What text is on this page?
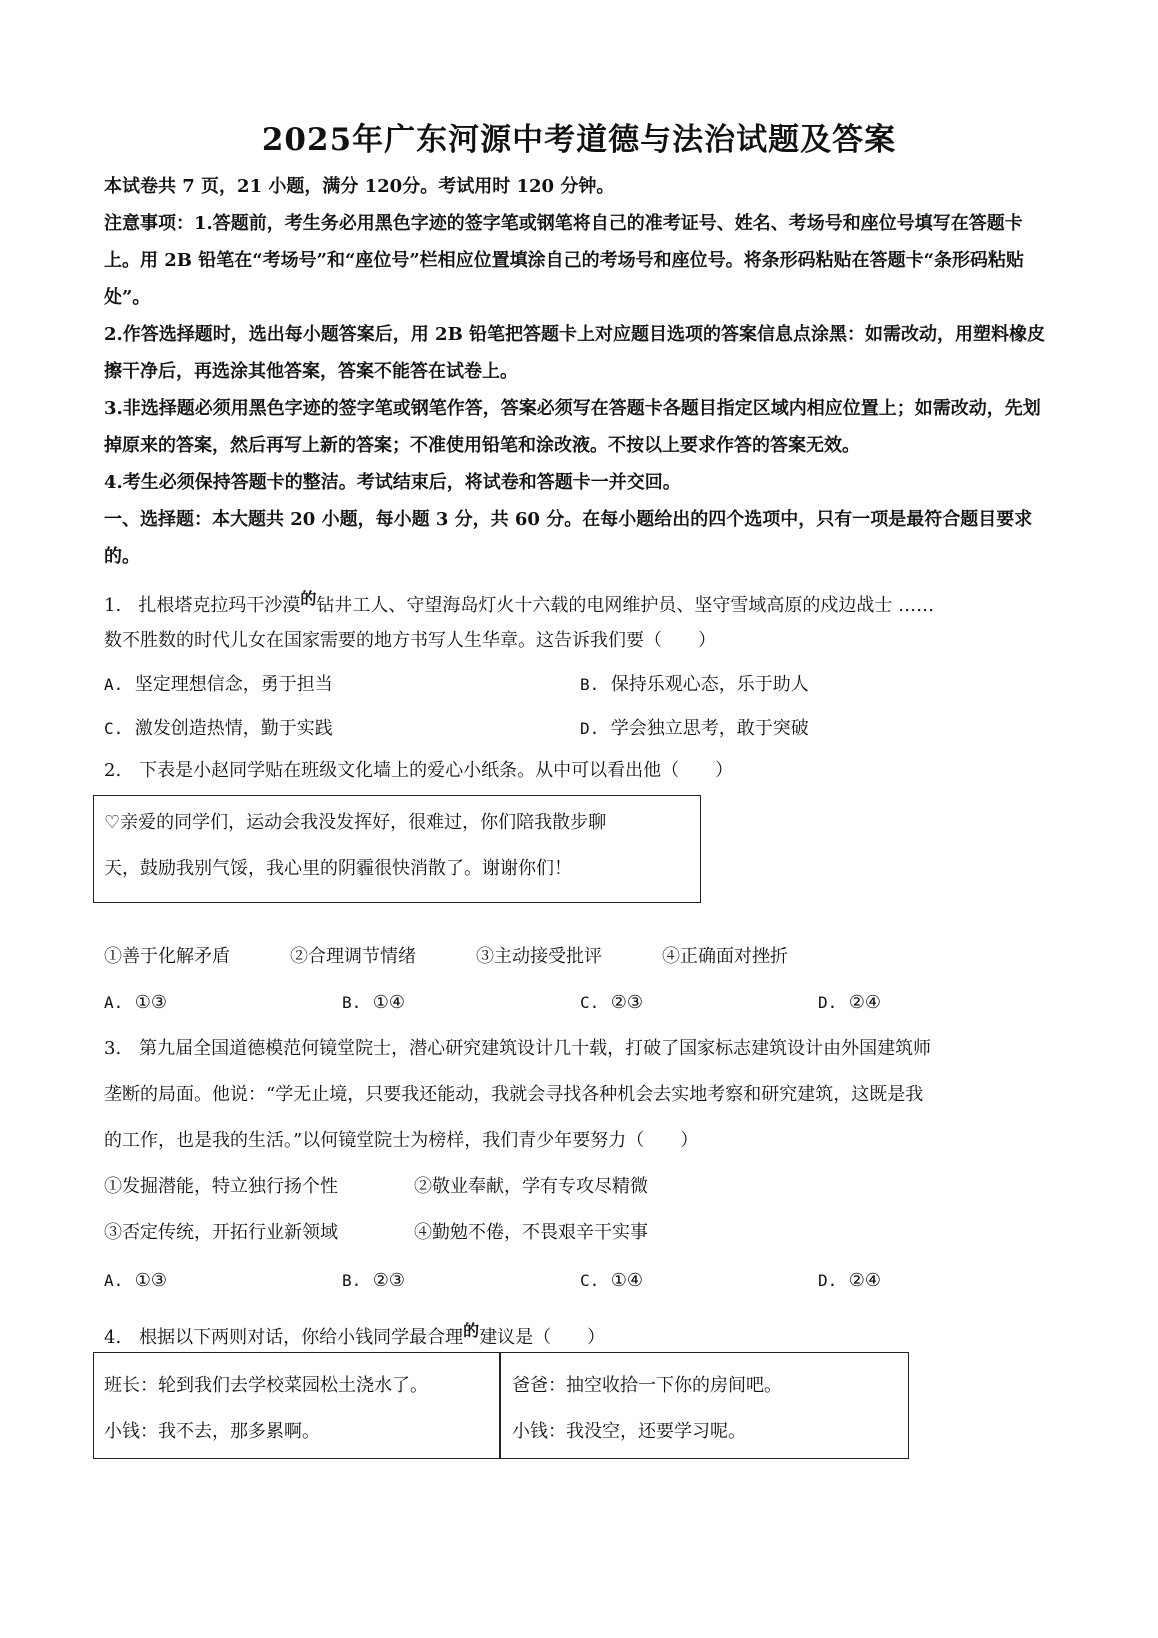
2025年广东河源中考道德与法治试题及答案

本试卷共 7 页，21 小题，满分 120分。考试用时 120 分钟。

注意事项：1.答题前，考生务必用黑色字迹的签字笔或钢笔将自己的准考证号、姓名、考场号和座位号填写在答题卡上。用 2B 铅笔在“考场号”和“座位号”栏相应位置填涂自己的考场号和座位号。将条形码粘贴在答题卡“条形码粘贴处”。

2.作答选择题时，选出每小题答案后，用 2B 铅笔把答题卡上对应题目选项的答案信息点涂黑：如需改动，用塑料橡皮擦干净后，再选涂其他答案，答案不能答在试卷上。

3.非选择题必须用黑色字迹的签字笔或钢笔作答，答案必须写在答题卡各题目指定区域内相应位置上；如需改动，先划掉原来的答案，然后再写上新的答案；不准使用铅笔和涂改液。不按以上要求作答的答案无效。

4.考生必须保持答题卡的整洁。考试结束后，将试卷和答题卡一并交回。

一、选择题：本大题共 20 小题，每小题 3 分，共 60 分。在每小题给出的四个选项中，只有一项是最符合题目要求的。

1. 扎根塔克拉玛干沙漠的钻井工人、守望海岛灯火十六载的电网维护员、坚守雪域高原的戍边战士 ……
数不胜数的时代儿女在国家需要的地方书写人生华章。这告诉我们要（　　）
A. 坚定理想信念，勇于担当	B. 保持乐观心态，乐于助人
C. 激发创造热情，勤于实践	D. 学会独立思考，敢于突破
2.　下表是小赵同学贴在班级文化墙上的爱心小纸条。从中可以看出他（　　）
♡亲爱的同学们，运动会我没发挥好，很难过，你们陪我散步聊
天，鼓励我别气馁，我心里的阴霾很快消散了。谢谢你们！
①善于化解矛盾	②合理调节情绪	③主动接受批评	④正确面对挫折
A. ①③	B. ①④	C. ②③	D. ②④
3.　第九届全国道德模范何镜堂院士，潜心研究建筑设计几十载，打破了国家标志建筑设计由外国建筑师
垄断的局面。他说：“学无止境，只要我还能动，我就会寻找各种机会去实地考察和研究建筑，这既是我
的工作，也是我的生活。”以何镜堂院士为榜样，我们青少年要努力（　　）
①发掘潜能，特立独行扬个性	②敬业奉献，学有专攻尽精微
③否定传统，开拓行业新领域	④勤勉不倦，不畏艰辛干实事
A. ①③	B. ②③	C. ①④	D. ②④
4.　根据以下两则对话，你给小钱同学最合理的建议是（　　）
班长：轮到我们去学校菜园松土浇水了。
小钱：我不去，那多累啊。
爸爸：抽空收拾一下你的房间吧。
小钱：我没空，还要学习呢。
